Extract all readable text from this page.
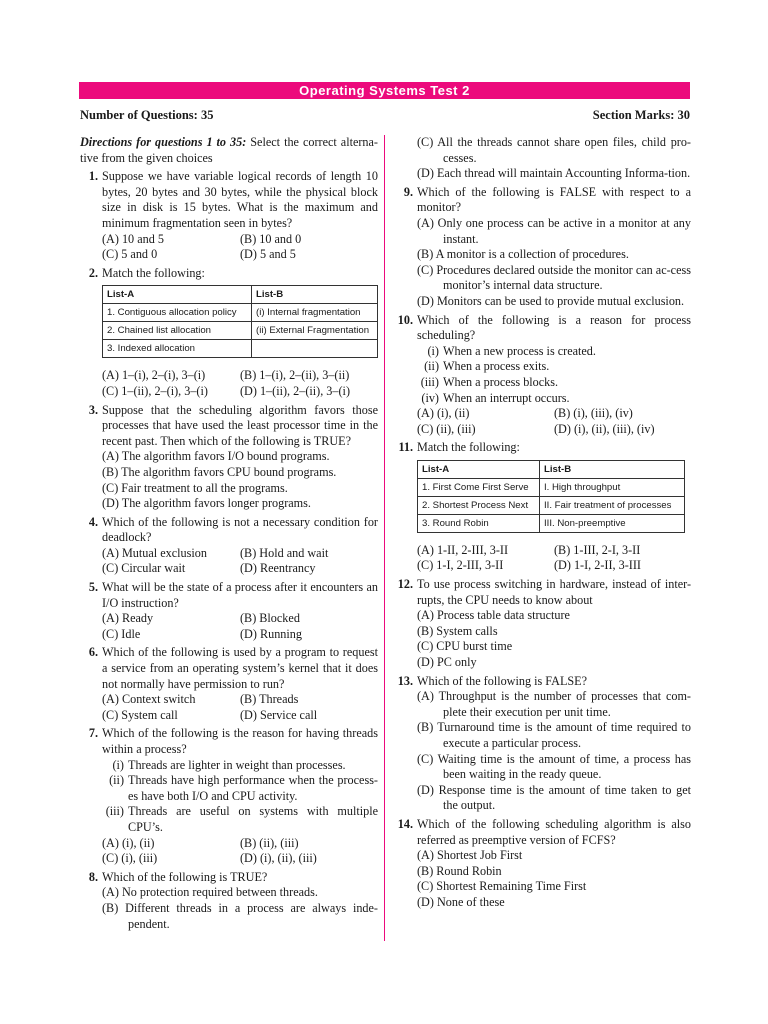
Operating Systems Test 2
Number of Questions: 35	Section Marks: 30
Directions for questions 1 to 35: Select the correct alterna-tive from the given choices
1. Suppose we have variable logical records of length 10 bytes, 20 bytes and 30 bytes, while the physical block size in disk is 15 bytes. What is the maximum and minimum fragmentation seen in bytes?
(A) 10 and 5	(B) 10 and 0
(C) 5 and 0	(D) 5 and 5
2. Match the following:
List-A	List-B
1. Contiguous allocation policy	(i) Internal fragmentation
2. Chained list allocation	(ii) External Fragmentation
3. Indexed allocation	
(A) 1–(i), 2–(i), 3–(i)	(B) 1–(i), 2–(ii), 3–(ii)
(C) 1–(ii), 2–(i), 3–(i)	(D) 1–(ii), 2–(ii), 3–(i)
3. Suppose that the scheduling algorithm favors those processes that have used the least processor time in the recent past. Then which of the following is TRUE?
(A) The algorithm favors I/O bound programs.
(B) The algorithm favors CPU bound programs.
(C) Fair treatment to all the programs.
(D) The algorithm favors longer programs.
4. Which of the following is not a necessary condition for deadlock?
(A) Mutual exclusion	(B) Hold and wait
(C) Circular wait	(D) Reentrancy
5. What will be the state of a process after it encounters an I/O instruction?
(A) Ready	(B) Blocked
(C) Idle	(D) Running
6. Which of the following is used by a program to request a service from an operating system’s kernel that it does not normally have permission to run?
(A) Context switch	(B) Threads
(C) System call	(D) Service call
7. Which of the following is the reason for having threads within a process?
(i) Threads are lighter in weight than processes.
(ii) Threads have high performance when the process-es have both I/O and CPU activity.
(iii) Threads are useful on systems with multiple CPU’s.
(A) (i), (ii)	(B) (ii), (iii)
(C) (i), (iii)	(D) (i), (ii), (iii)
8. Which of the following is TRUE?
(A) No protection required between threads.
(B) Different threads in a process are always inde-pendent.
(C) All the threads cannot share open files, child pro-cesses.
(D) Each thread will maintain Accounting Informa-tion.
9. Which of the following is FALSE with respect to a monitor?
(A) Only one process can be active in a monitor at any instant.
(B) A monitor is a collection of procedures.
(C) Procedures declared outside the monitor can ac-cess monitor’s internal data structure.
(D) Monitors can be used to provide mutual exclusion.
10. Which of the following is a reason for process scheduling?
(i) When a new process is created.
(ii) When a process exits.
(iii) When a process blocks.
(iv) When an interrupt occurs.
(A) (i), (ii)	(B) (i), (iii), (iv)
(C) (ii), (iii)	(D) (i), (ii), (iii), (iv)
11. Match the following:
List-A	List-B
1. First Come First Serve	I. High throughput
2. Shortest Process Next	II. Fair treatment of processes
3. Round Robin	III. Non-preemptive
(A) 1-II, 2-III, 3-II	(B) 1-III, 2-I, 3-II
(C) 1-I, 2-III, 3-II	(D) 1-I, 2-II, 3-III
12. To use process switching in hardware, instead of inter-rupts, the CPU needs to know about
(A) Process table data structure
(B) System calls
(C) CPU burst time
(D) PC only
13. Which of the following is FALSE?
(A) Throughput is the number of processes that com-plete their execution per unit time.
(B) Turnaround time is the amount of time required to execute a particular process.
(C) Waiting time is the amount of time, a process has been waiting in the ready queue.
(D) Response time is the amount of time taken to get the output.
14. Which of the following scheduling algorithm is also referred as preemptive version of FCFS?
(A) Shortest Job First
(B) Round Robin
(C) Shortest Remaining Time First
(D) None of these
